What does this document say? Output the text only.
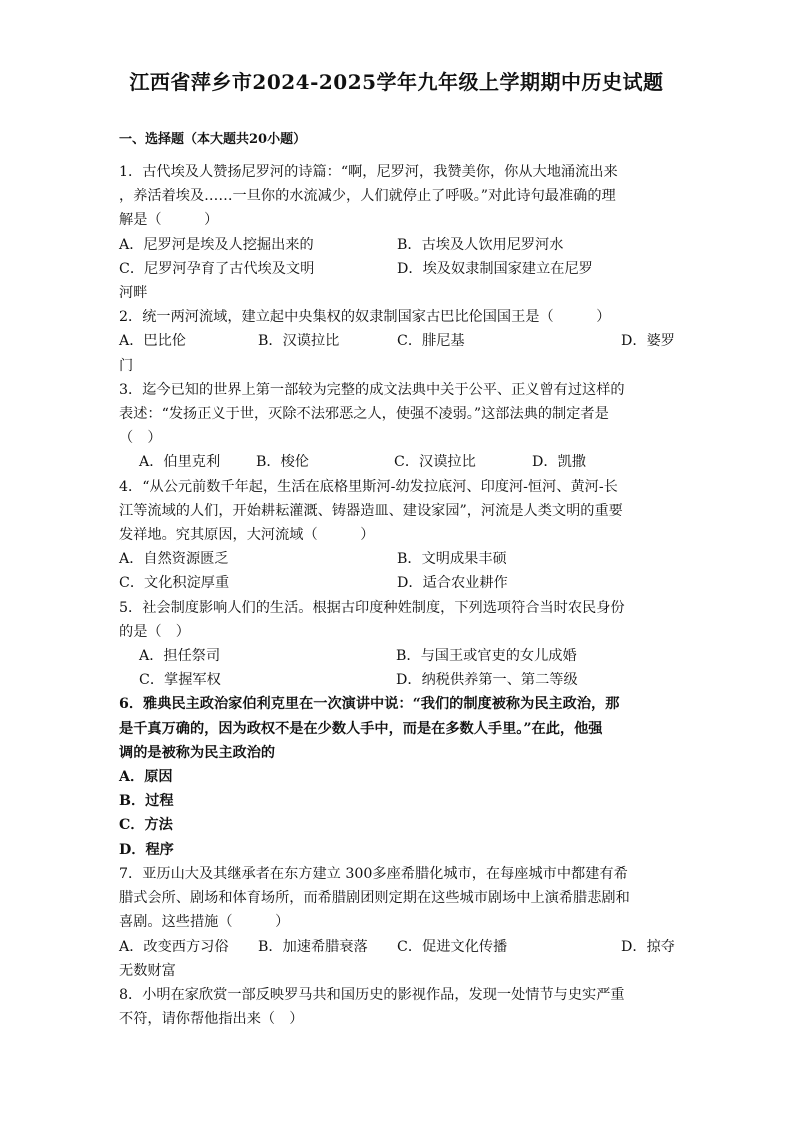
江西省萍乡市2024-2025学年九年级上学期期中历史试题
一、选择题（本大题共20小题）
1．古代埃及人赞扬尼罗河的诗篇：“啊，尼罗河，我赞美你，你从大地涌流出来
，养活着埃及……一旦你的水流减少，人们就停止了呼吸。”对此诗句最准确的理
解是（　　　）
A．尼罗河是埃及人挖掘出来的	B．古埃及人饮用尼罗河水
C．尼罗河孕育了古代埃及文明	D．埃及奴隶制国家建立在尼罗
河畔
2．统一两河流域，建立起中央集权的奴隶制国家古巴比伦国国王是（　　　）
A．巴比伦	B．汉谟拉比	C．腓尼基	D．婆罗
门
3．迄今已知的世界上第一部较为完整的成文法典中关于公平、正义曾有过这样的
表述：“发扬正义于世，灭除不法邪恶之人，使强不凌弱。”这部法典的制定者是
（　）
A．伯里克利	B．梭伦	C．汉谟拉比	D．凯撒
4．“从公元前数千年起，生活在底格里斯河-幼发拉底河、印度河-恒河、黄河-长
江等流域的人们，开始耕耘灌溉、铸器造皿、建设家园”，河流是人类文明的重要
发祥地。究其原因，大河流域（　　　）
A．自然资源匮乏	B．文明成果丰硕
C．文化积淀厚重	D．适合农业耕作
5．社会制度影响人们的生活。根据古印度种姓制度，下列选项符合当时农民身份
的是（　）
A．担任祭司	B．与国王或官吏的女儿成婚
C．掌握军权	D．纳税供养第一、第二等级
6．雅典民主政治家伯利克里在一次演讲中说：“我们的制度被称为民主政治，那
是千真万确的，因为政权不是在少数人手中，而是在多数人手里。”在此，他强
调的是被称为民主政治的
A．原因
B．过程
C．方法
D．程序
7．亚历山大及其继承者在东方建立 300多座希腊化城市，在每座城市中都建有希
腊式会所、剧场和体育场所，而希腊剧团则定期在这些城市剧场中上演希腊悲剧和
喜剧。这些措施（　　　）
A．改变西方习俗	B．加速希腊衰落	C．促进文化传播	D．掠夺
无数财富
8．小明在家欣赏一部反映罗马共和国历史的影视作品，发现一处情节与史实严重
不符，请你帮他指出来（　）
